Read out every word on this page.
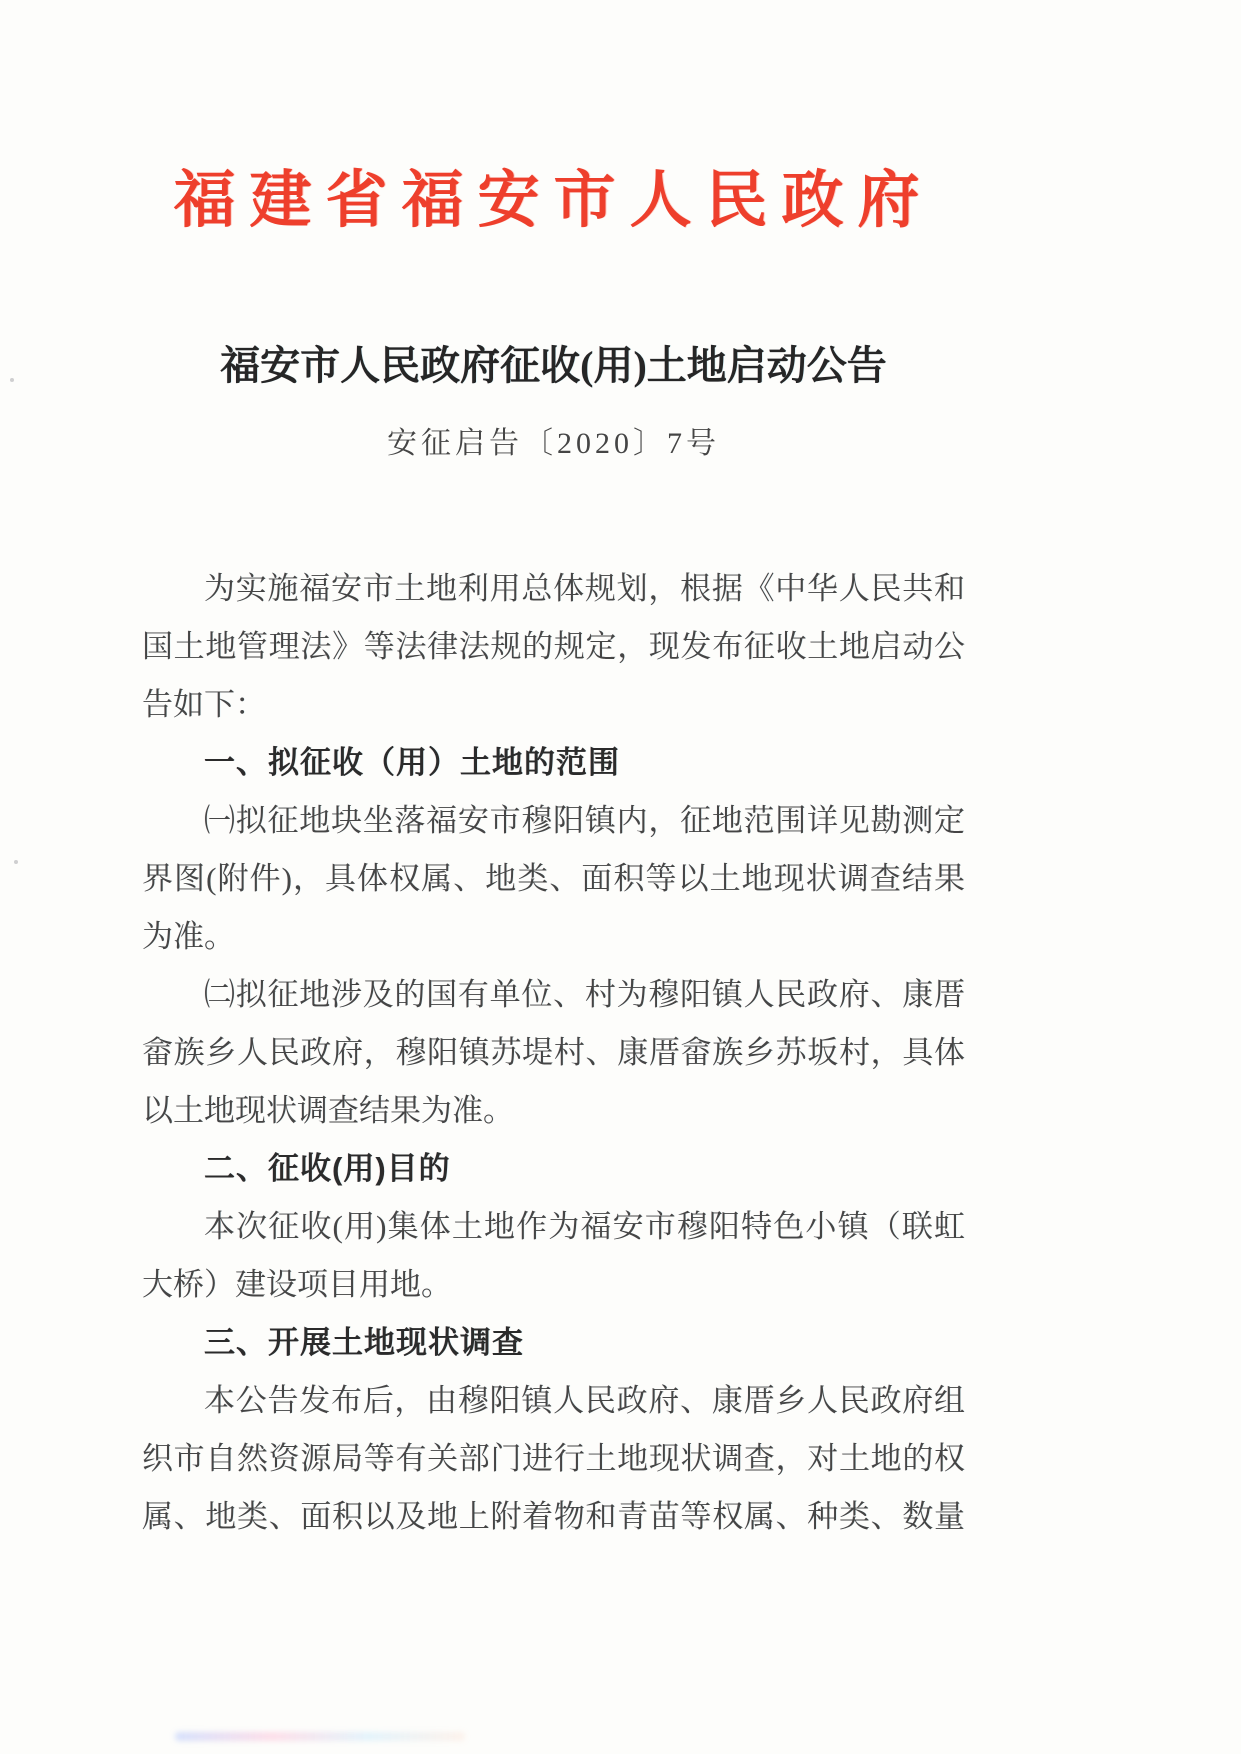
福建省福安市人民政府
福安市人民政府征收(用)土地启动公告
安征启告〔2020〕7号
为实施福安市土地利用总体规划，根据《中华人民共和
国土地管理法》等法律法规的规定，现发布征收土地启动公
告如下：
一、拟征收（用）土地的范围
㈠拟征地块坐落福安市穆阳镇内，征地范围详见勘测定
界图(附件)，具体权属、地类、面积等以土地现状调查结果
为准。
㈡拟征地涉及的国有单位、村为穆阳镇人民政府、康厝
畲族乡人民政府，穆阳镇苏堤村、康厝畲族乡苏坂村，具体
以土地现状调查结果为准。
二、征收(用)目的
本次征收(用)集体土地作为福安市穆阳特色小镇（联虹
大桥）建设项目用地。
三、开展土地现状调查
本公告发布后，由穆阳镇人民政府、康厝乡人民政府组
织市自然资源局等有关部门进行土地现状调查，对土地的权
属、地类、面积以及地上附着物和青苗等权属、种类、数量
